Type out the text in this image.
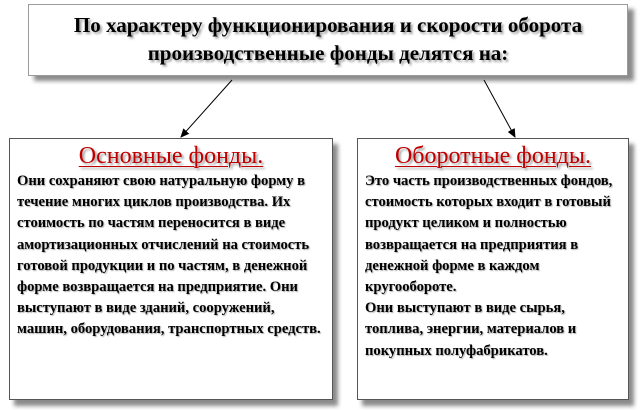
По характеру функционирования и скорости оборота
производственные фонды делятся на:
Основные фонды.

Они сохраняют свою натуральную форму в течение многих циклов производства. Их стоимость по частям переносится в виде амортизационных отчислений на стоимость готовой продукции и по частям, в денежной форме возвращается на предприятие. Они выступают в виде зданий, сооружений, машин, оборудования, транспортных средств.

Оборотные фонды.

Это часть производственных фондов, стоимость которых входит в готовый продукт целиком и полностью возвращается на предприятия в денежной форме в каждом кругообороте.

Они выступают в виде сырья, топлива, энергии, материалов и покупных полуфабрикатов.
